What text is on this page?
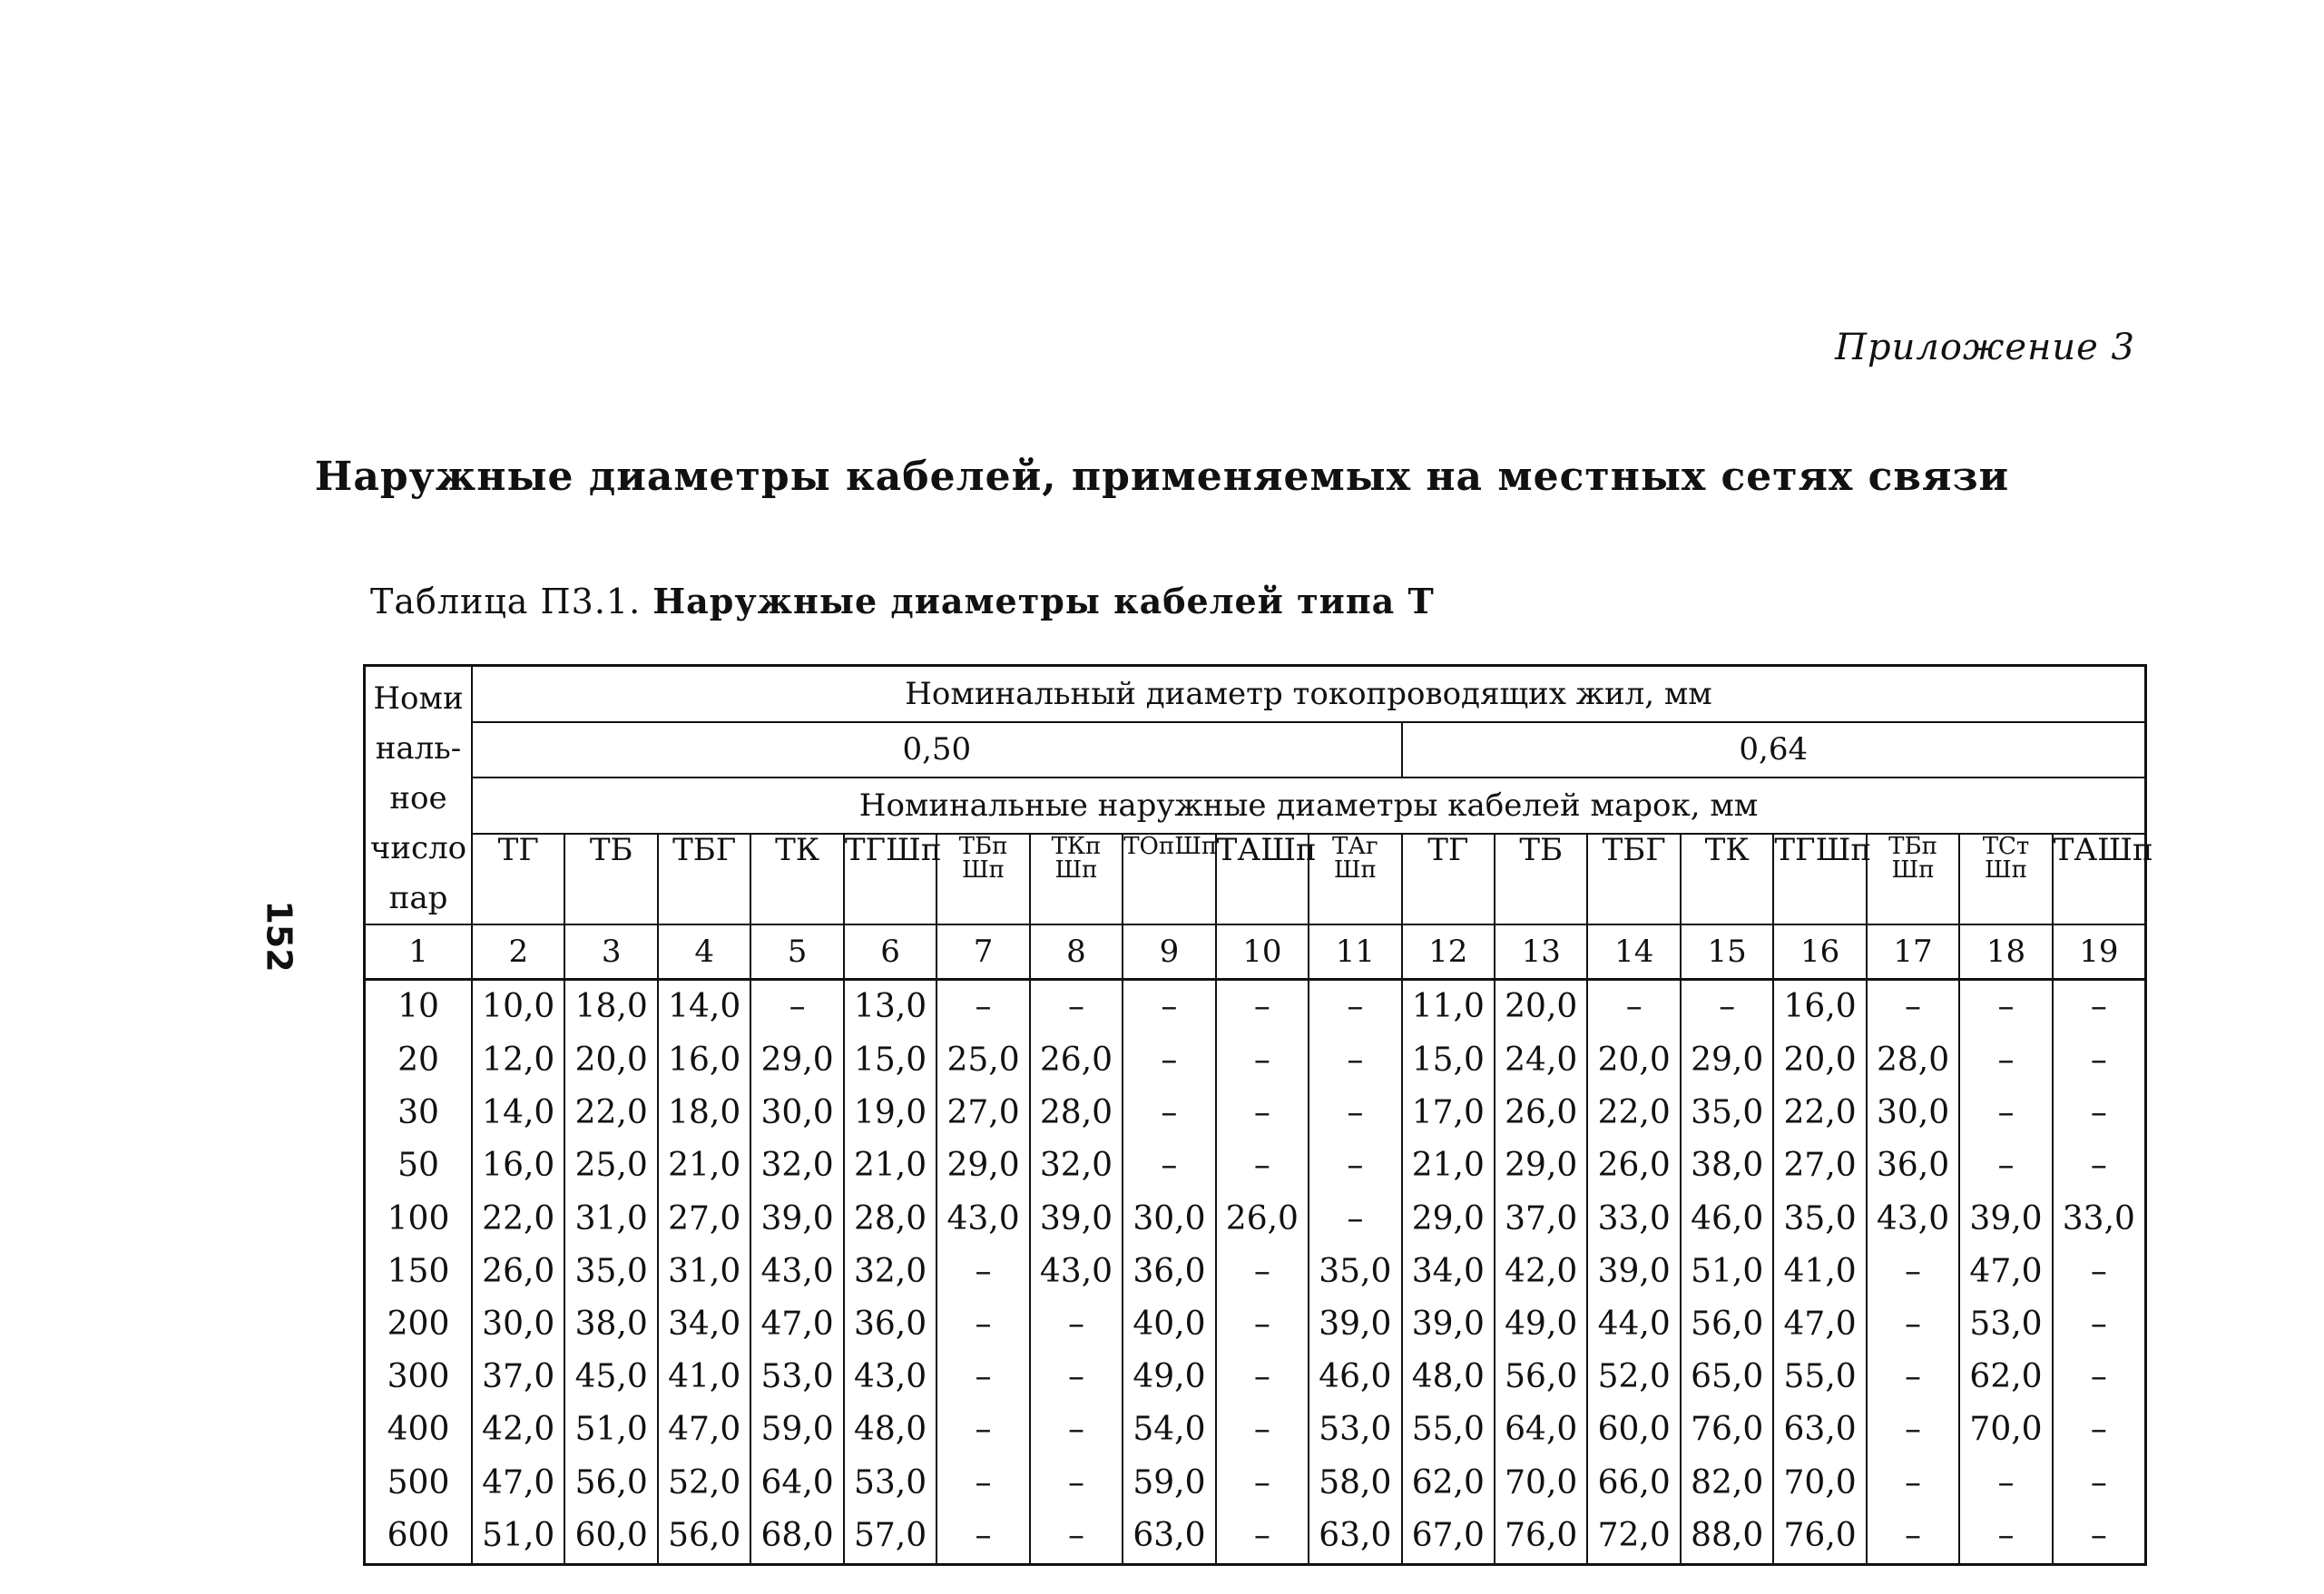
Приложение 3
Наружные диаметры кабелей, применяемых на местных сетях связи
Таблица П3.1. Наружные диаметры кабелей типа Т
152
Номи
наль-
ное
число
пар	Номинальный диаметр токопроводящих жил, мм																	
	0,50										0,64							
	Номинальные наружные диаметры кабелей марок, мм																	
	ТГ	ТБ	ТБГ	ТК	ТГШп	ТБп Шп	ТКп Шп	ТОпШп	ТАШп	ТАг Шп	ТГ	ТБ	ТБГ	ТК	ТГШп	ТБп Шп	ТСт Шп	ТАШп
1	2	3	4	5	6	7	8	9	10	11	12	13	14	15	16	17	18	19
10	10,0	18,0	14,0	–	13,0	–	–	–	–	–	11,0	20,0	–	–	16,0	–	–	–
20	12,0	20,0	16,0	29,0	15,0	25,0	26,0	–	–	–	15,0	24,0	20,0	29,0	20,0	28,0	–	–
30	14,0	22,0	18,0	30,0	19,0	27,0	28,0	–	–	–	17,0	26,0	22,0	35,0	22,0	30,0	–	–
50	16,0	25,0	21,0	32,0	21,0	29,0	32,0	–	–	–	21,0	29,0	26,0	38,0	27,0	36,0	–	–
100	22,0	31,0	27,0	39,0	28,0	43,0	39,0	30,0	26,0	–	29,0	37,0	33,0	46,0	35,0	43,0	39,0	33,0
150	26,0	35,0	31,0	43,0	32,0	–	43,0	36,0	–	35,0	34,0	42,0	39,0	51,0	41,0	–	47,0	–
200	30,0	38,0	34,0	47,0	36,0	–	–	40,0	–	39,0	39,0	49,0	44,0	56,0	47,0	–	53,0	–
300	37,0	45,0	41,0	53,0	43,0	–	–	49,0	–	46,0	48,0	56,0	52,0	65,0	55,0	–	62,0	–
400	42,0	51,0	47,0	59,0	48,0	–	–	54,0	–	53,0	55,0	64,0	60,0	76,0	63,0	–	70,0	–
500	47,0	56,0	52,0	64,0	53,0	–	–	59,0	–	58,0	62,0	70,0	66,0	82,0	70,0	–	–	–
600	51,0	60,0	56,0	68,0	57,0	–	–	63,0	–	63,0	67,0	76,0	72,0	88,0	76,0	–	–	–
